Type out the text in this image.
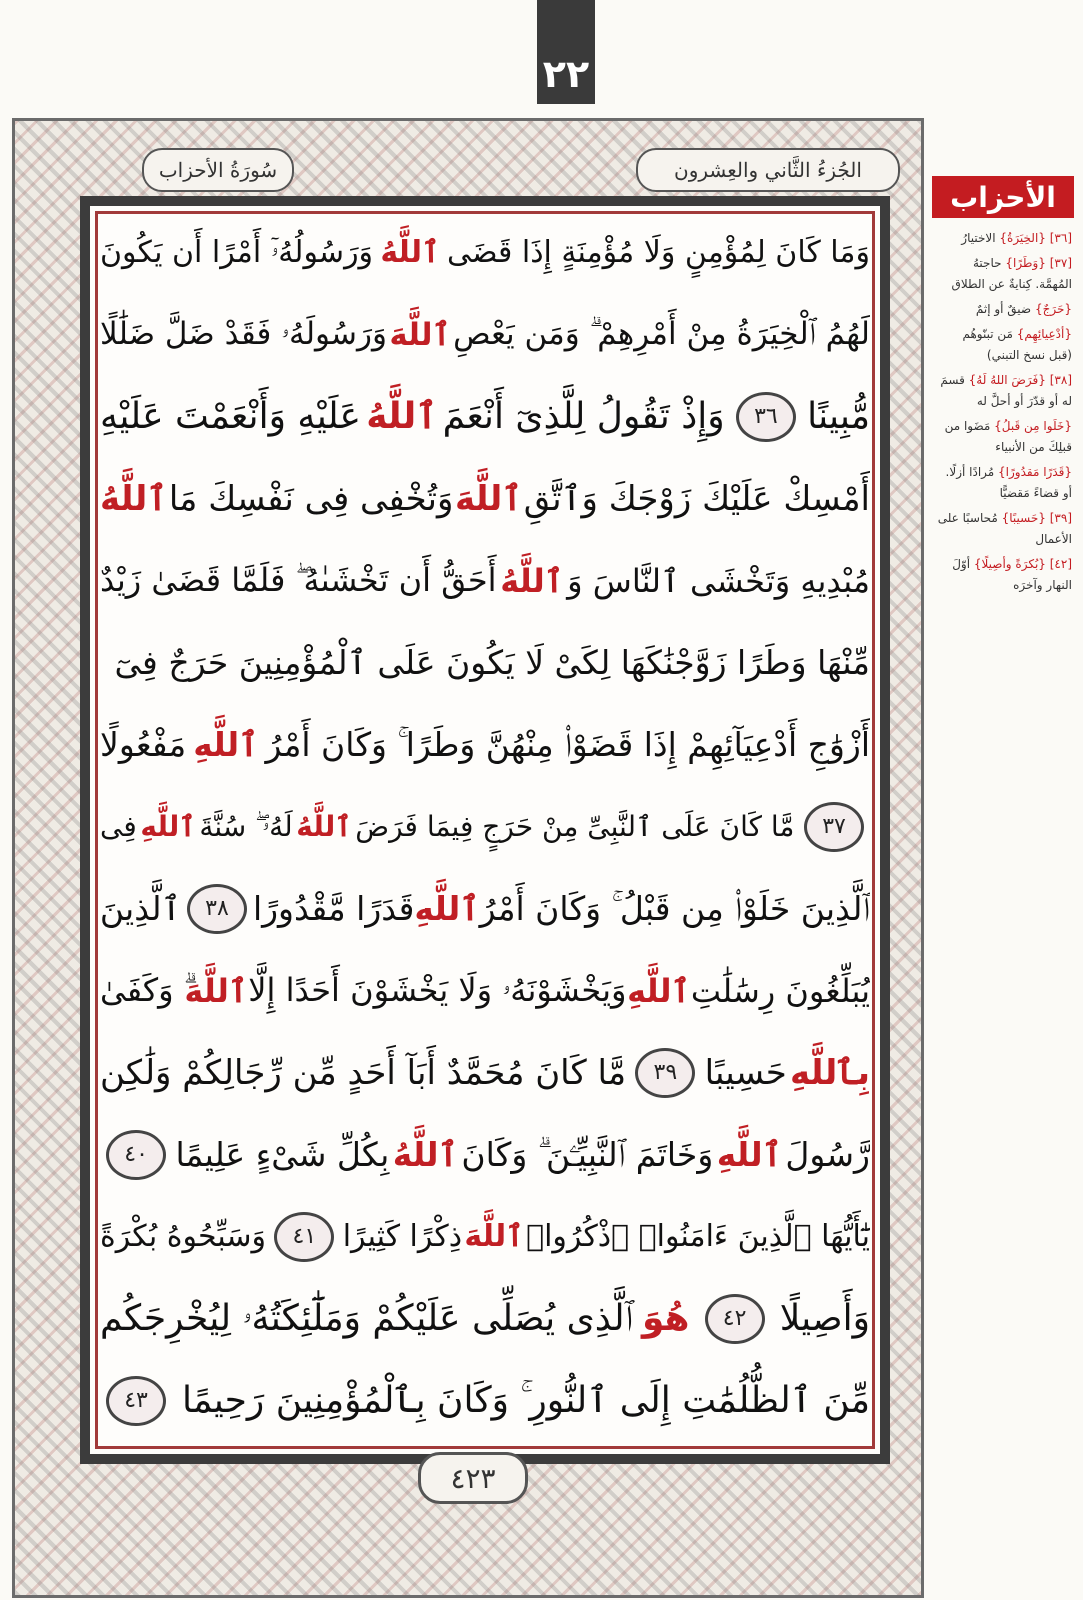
٢٢
الجُزءُ الثَّاني والعِشرون
سُورَةُ الأحزاب
وَمَا كَانَ لِمُؤْمِنٍ وَلَا مُؤْمِنَةٍ إِذَا قَضَى
ٱللَّهُ
وَرَسُولُهُۥٓ أَمْرًا أَن يَكُونَ
لَهُمُ ٱلْخِيَرَةُ مِنْ أَمْرِهِمْ ۗ وَمَن يَعْصِ
ٱللَّهَ
وَرَسُولَهُۥ فَقَدْ ضَلَّ ضَلَٰلًا
مُّبِينًا
٣٦
وَإِذْ تَقُولُ لِلَّذِىٓ أَنْعَمَ
ٱللَّهُ
عَلَيْهِ وَأَنْعَمْتَ عَلَيْهِ
أَمْسِكْ عَلَيْكَ زَوْجَكَ وَٱتَّقِ
ٱللَّهَ
وَتُخْفِى فِى نَفْسِكَ مَا
ٱللَّهُ
مُبْدِيهِ وَتَخْشَى ٱلنَّاسَ وَ
ٱللَّهُ
أَحَقُّ أَن تَخْشَىٰهُ ۖ فَلَمَّا قَضَىٰ زَيْدٌ
مِّنْهَا وَطَرًا زَوَّجْنَٰكَهَا لِكَىْ لَا يَكُونَ عَلَى ٱلْمُؤْمِنِينَ حَرَجٌ فِىٓ
أَزْوَٰجِ أَدْعِيَآئِهِمْ إِذَا قَضَوْا۟ مِنْهُنَّ وَطَرًا ۚ وَكَانَ أَمْرُ
ٱللَّهِ
مَفْعُولًا
٣٧
مَّا كَانَ عَلَى ٱلنَّبِىِّ مِنْ حَرَجٍ فِيمَا فَرَضَ
ٱللَّهُ
لَهُۥ ۖ سُنَّةَ
ٱللَّهِ
فِى
ٱلَّذِينَ خَلَوْا۟ مِن قَبْلُ ۚ وَكَانَ أَمْرُ
ٱللَّهِ
قَدَرًا مَّقْدُورًا
٣٨
ٱلَّذِينَ
يُبَلِّغُونَ رِسَٰلَٰتِ
ٱللَّهِ
وَيَخْشَوْنَهُۥ وَلَا يَخْشَوْنَ أَحَدًا إِلَّا
ٱللَّهَ
ۗ وَكَفَىٰ
بِٱللَّهِ
حَسِيبًا
٣٩
مَّا كَانَ مُحَمَّدٌ أَبَآ أَحَدٍ مِّن رِّجَالِكُمْ وَلَٰكِن
رَّسُولَ
ٱللَّهِ
وَخَاتَمَ ٱلنَّبِيِّـۧنَ ۗ وَكَانَ
ٱللَّهُ
بِكُلِّ شَىْءٍ عَلِيمًا
٤٠
يَٰٓأَيُّهَا ٱلَّذِينَ ءَامَنُوا۟ ٱذْكُرُوا۟
ٱللَّهَ
ذِكْرًا كَثِيرًا
٤١
وَسَبِّحُوهُ بُكْرَةً
وَأَصِيلًا
٤٢
هُوَ
ٱلَّذِى يُصَلِّى عَلَيْكُمْ وَمَلَٰٓئِكَتُهُۥ لِيُخْرِجَكُم
مِّنَ ٱلظُّلُمَٰتِ إِلَى ٱلنُّورِ ۚ وَكَانَ بِٱلْمُؤْمِنِينَ رَحِيمًا
٤٣
٤٢٣
الأحزاب
[٣٦] {الخِيَرَةُ} الاختيارُ
[٣٧] {وَطَرًا} حاجتهُ المُهمَّة. كِنايةٌ عن الطلاق
{حَرَجٌ} ضيقٌ أو إثمٌ
{أدْعِيائِهِم} مَن تبنّوهُم (قبل نسخ التبني)
[٣٨] {فَرَضَ اللهُ لَهُ} قسمَ له أو قدّرَ أو أحلَّ له
{خَلَوا مِن قَبلُ} مَضَوا من قبلِكَ من الأنبياء
{قَدَرًا مَقدُورًا} مُرادًا أزلًا. أو قضاءً مَقضيًّا
[٣٩] {حَسيبًا} مُحاسبًا على الأعمال
[٤٢] {بُكرَةً وأصِيلًا} أوّلَ النهار وآخرَه
